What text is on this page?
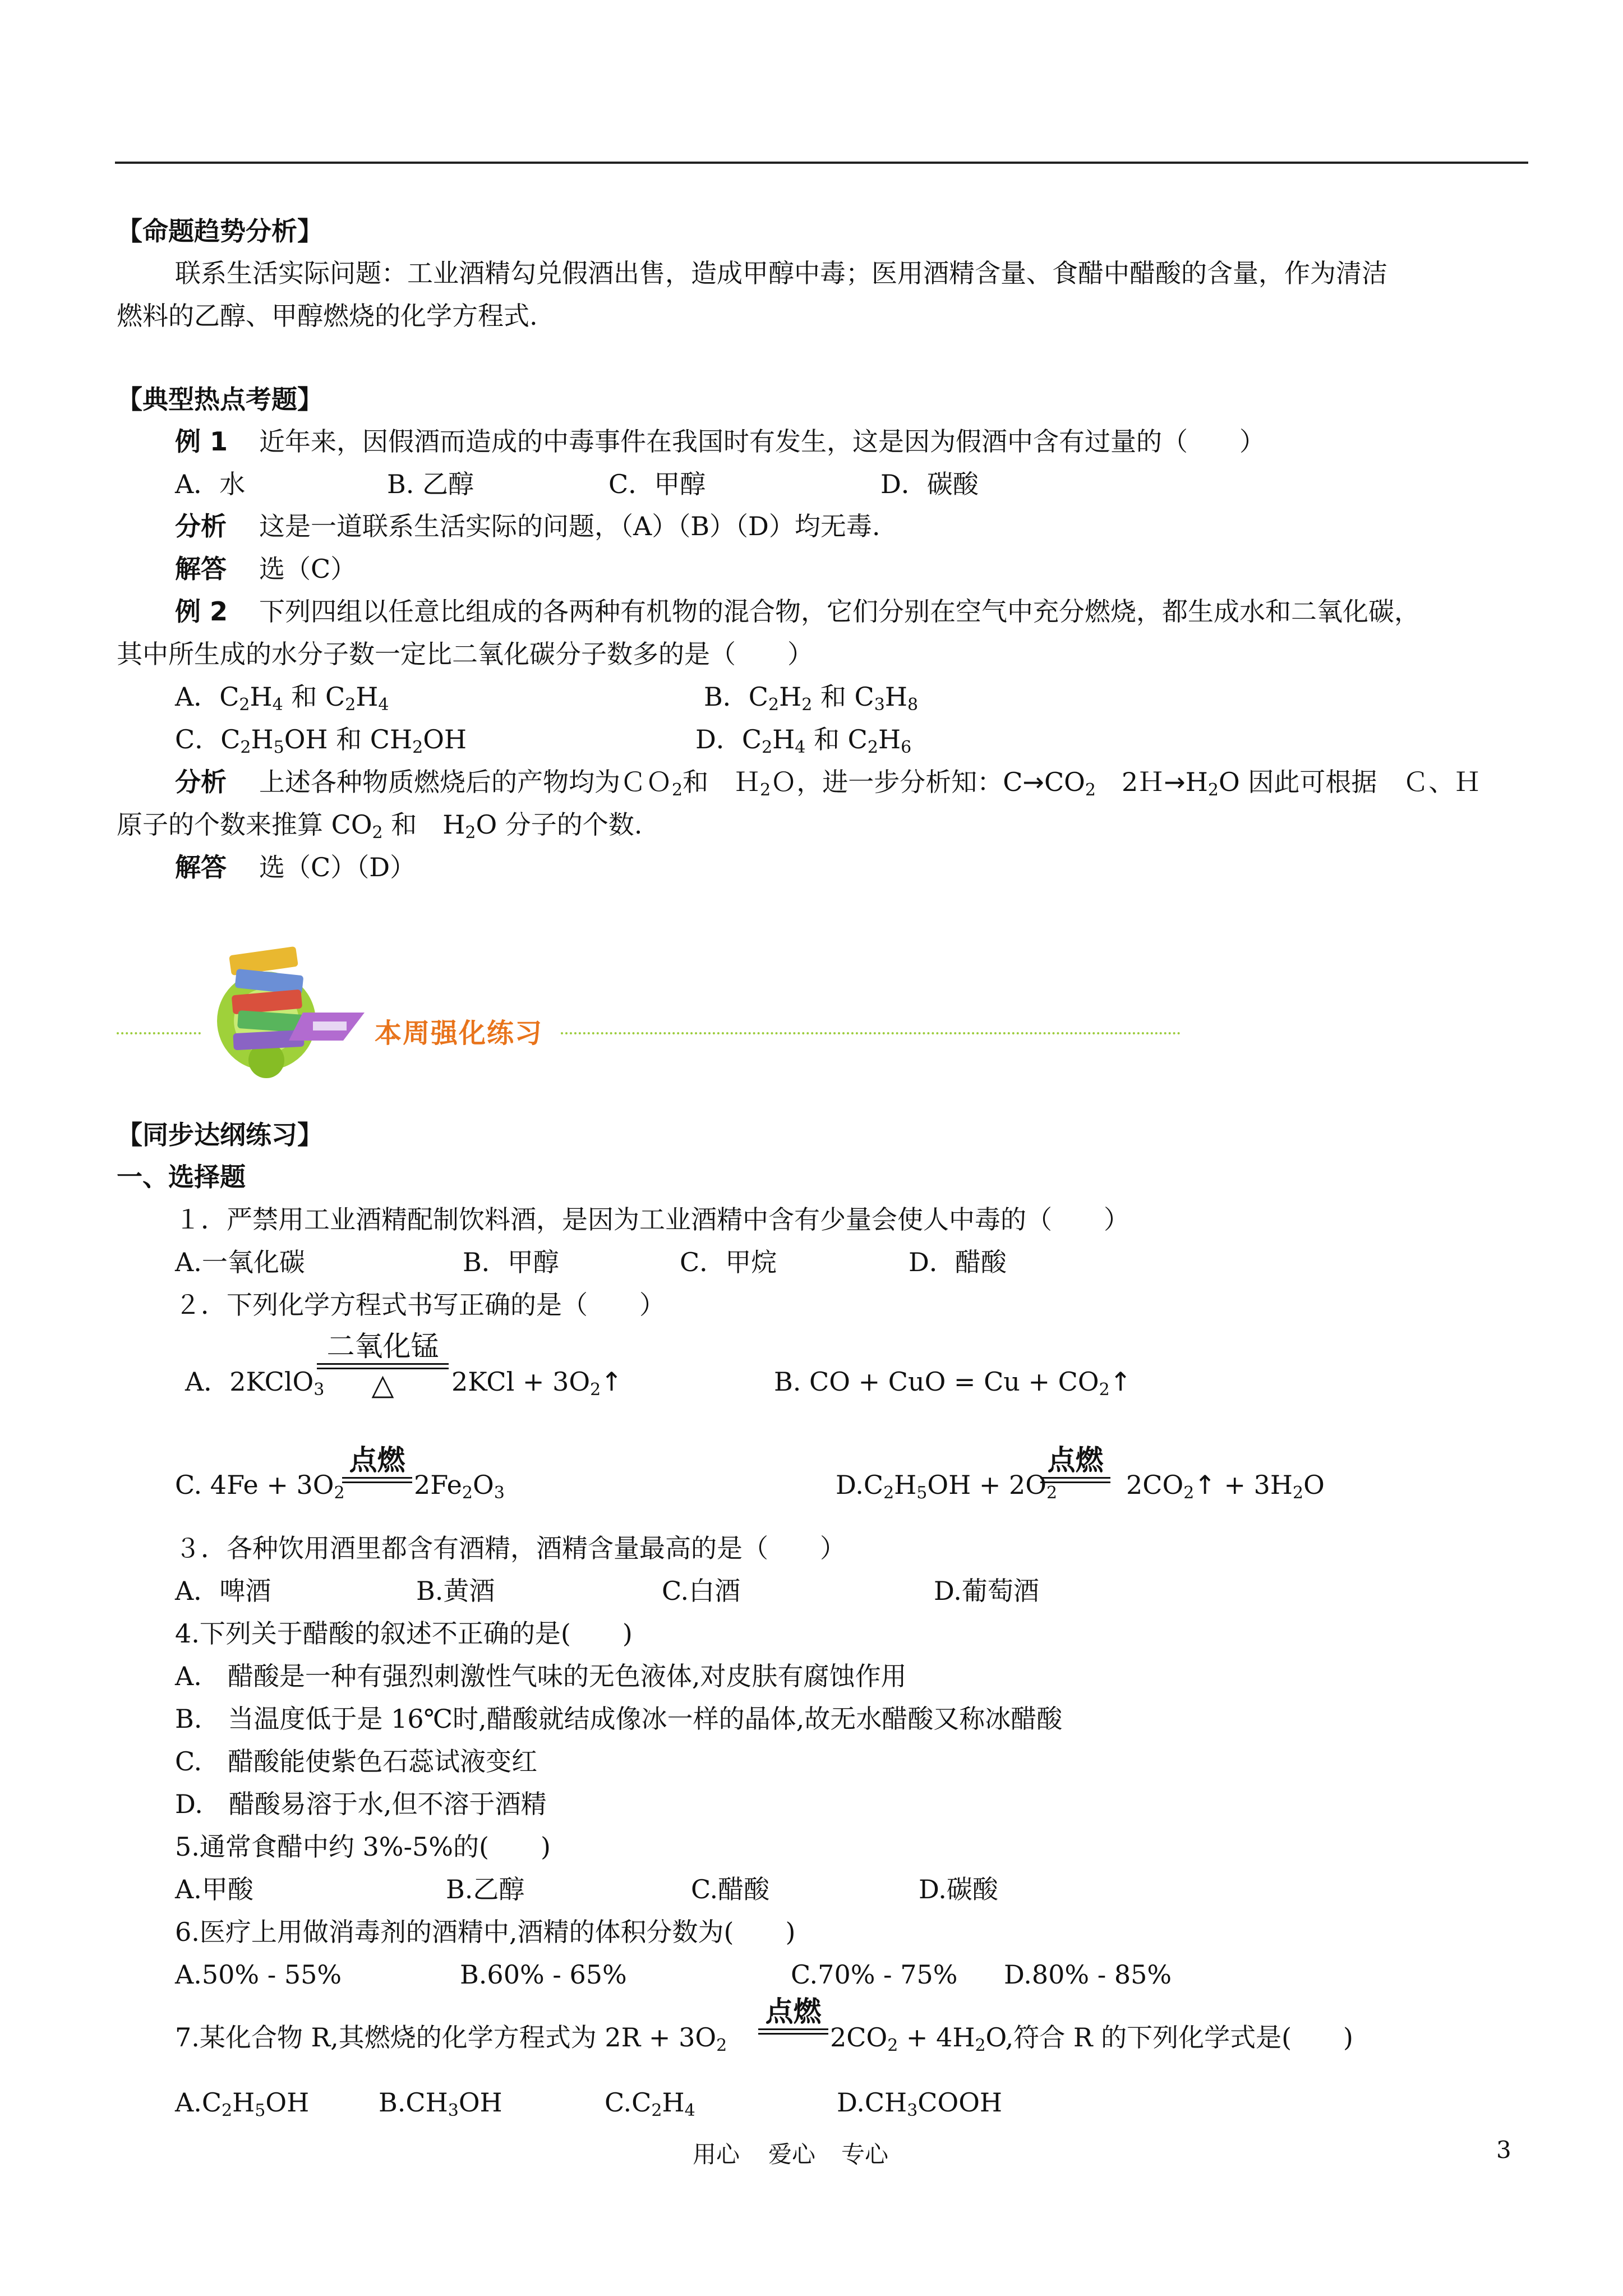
【命题趋势分析】
联系生活实际问题：工业酒精勾兑假酒出售，造成甲醇中毒；医用酒精含量、食醋中醋酸的含量，作为清洁
燃料的乙醇、甲醇燃烧的化学方程式.
【典型热点考题】
例 1 近年来，因假酒而造成的中毒事件在我国时有发生，这是因为假酒中含有过量的（　　）
A．水	B. 乙醇	C．甲醇	D．碳酸
分析 这是一道联系生活实际的问题，（A）（B）（D）均无毒.
解答 选（C）
例 2 下列四组以任意比组成的各两种有机物的混合物，它们分别在空气中充分燃烧，都生成水和二氧化碳，
其中所生成的水分子数一定比二氧化碳分子数多的是（　　）
A．$C_2H_4$ 和 $C_2H_4$	B．$C_2H_2$ 和 $C_3H_8$
C．$C_2H_5OH$ 和 $CH_2OH$	D．$C_2H_4$ 和 $C_2H_6$
分析 上述各种物质燃烧后的产物均为ＣＯ$_2$和　Ｈ$_2$Ｏ，进一步分析知：$C\to CO_2$　 $2H\to H_2O$ 因此可根据　Ｃ、Ｈ
原子的个数来推算 $CO_2$ 和　$H_2O$ 分子的个数.
解答 选（C）（D）
本周强化练习
【同步达纲练习】
一、选择题
１．严禁用工业酒精配制饮料酒，是因为工业酒精中含有少量会使人中毒的（　　）
A.一氧化碳	B．甲醇	C．甲烷	D．醋酸
２．下列化学方程式书写正确的是（　　）
A．2KClO$_3$
二氧化锰
△	$2KCl + 3O_2↑$	B. CO + CuO = $Cu + CO_2↑$
C. $4Fe + 3O_2$
点燃
$2Fe_2O_3$	$D.C_2H_5OH + 2O_2$
点燃
$2CO_2↑ + 3H_2O$
３．各种饮用酒里都含有酒精，酒精含量最高的是（　　）
A．啤酒	B.黄酒	C.白酒	D.葡萄酒
4.下列关于醋酸的叙述不正确的是(　　)
A.　醋酸是一种有强烈刺激性气味的无色液体,对皮肤有腐蚀作用
B.　当温度低于是 16℃时,醋酸就结成像冰一样的晶体,故无水醋酸又称冰醋酸
C.　醋酸能使紫色石蕊试液变红
D.　醋酸易溶于水,但不溶于酒精
5.通常食醋中约 3%-5%的(　　)
A.甲酸	B.乙醇	C.醋酸	D.碳酸
6.医疗上用做消毒剂的酒精中,酒精的体积分数为(　　)
A.50% - 55%	B.60% - 65%	C.70% - 75% D.80% - 85%
7.某化合物 R,其燃烧的化学方程式为 $2R + 3O_2$
点燃
$2CO_2 + 4H_2O$,符合 R 的下列化学式是(　　)
$A.C_2H_5OH$	$B.CH_3OH$	$C.C_2H_4$	$D.CH_3COOH$
用心 爱心 专心	3
